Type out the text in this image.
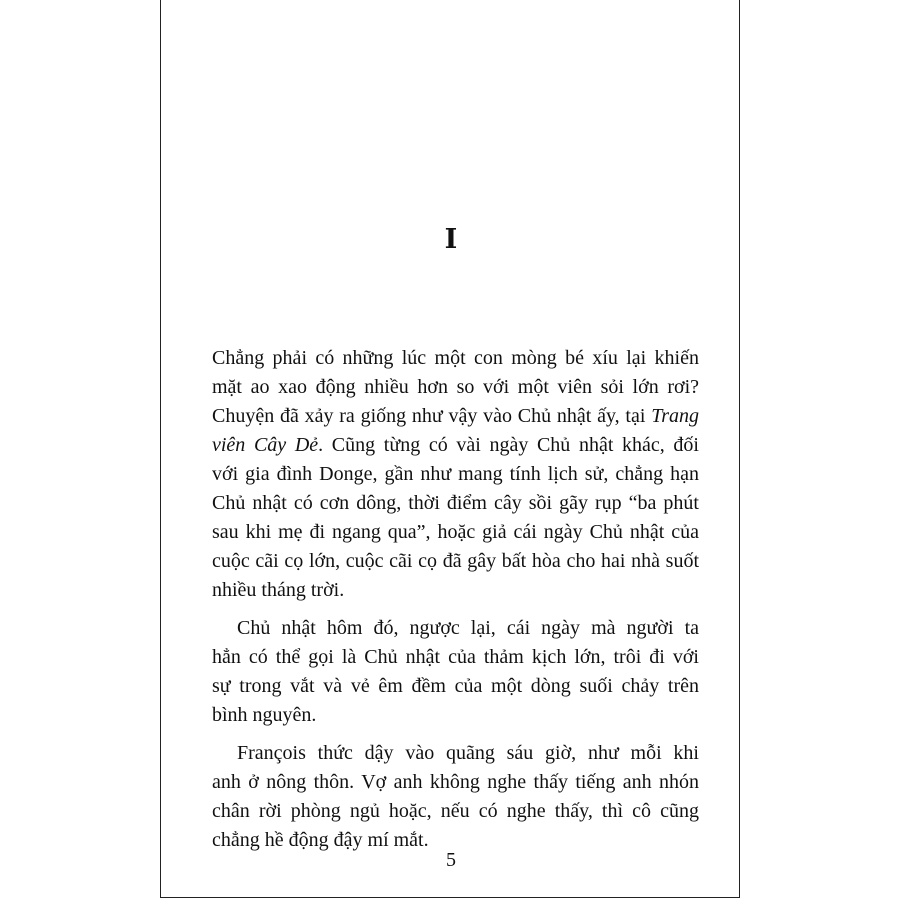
I
Chẳng phải có những lúc một con mòng bé xíu lại khiến
mặt ao xao động nhiều hơn so với một viên sỏi lớn rơi?
Chuyện đã xảy ra giống như vậy vào Chủ nhật ấy, tại Trang
viên Cây Dẻ. Cũng từng có vài ngày Chủ nhật khác, đối
với gia đình Donge, gần như mang tính lịch sử, chẳng hạn
Chủ nhật có cơn dông, thời điểm cây sồi gãy rụp “ba phút
sau khi mẹ đi ngang qua”, hoặc giả cái ngày Chủ nhật của
cuộc cãi cọ lớn, cuộc cãi cọ đã gây bất hòa cho hai nhà suốt
nhiều tháng trời.
Chủ nhật hôm đó, ngược lại, cái ngày mà người ta
hẳn có thể gọi là Chủ nhật của thảm kịch lớn, trôi đi với
sự trong vắt và vẻ êm đềm của một dòng suối chảy trên
bình nguyên.
François thức dậy vào quãng sáu giờ, như mỗi khi
anh ở nông thôn. Vợ anh không nghe thấy tiếng anh nhón
chân rời phòng ngủ hoặc, nếu có nghe thấy, thì cô cũng
chẳng hề động đậy mí mắt.
5
